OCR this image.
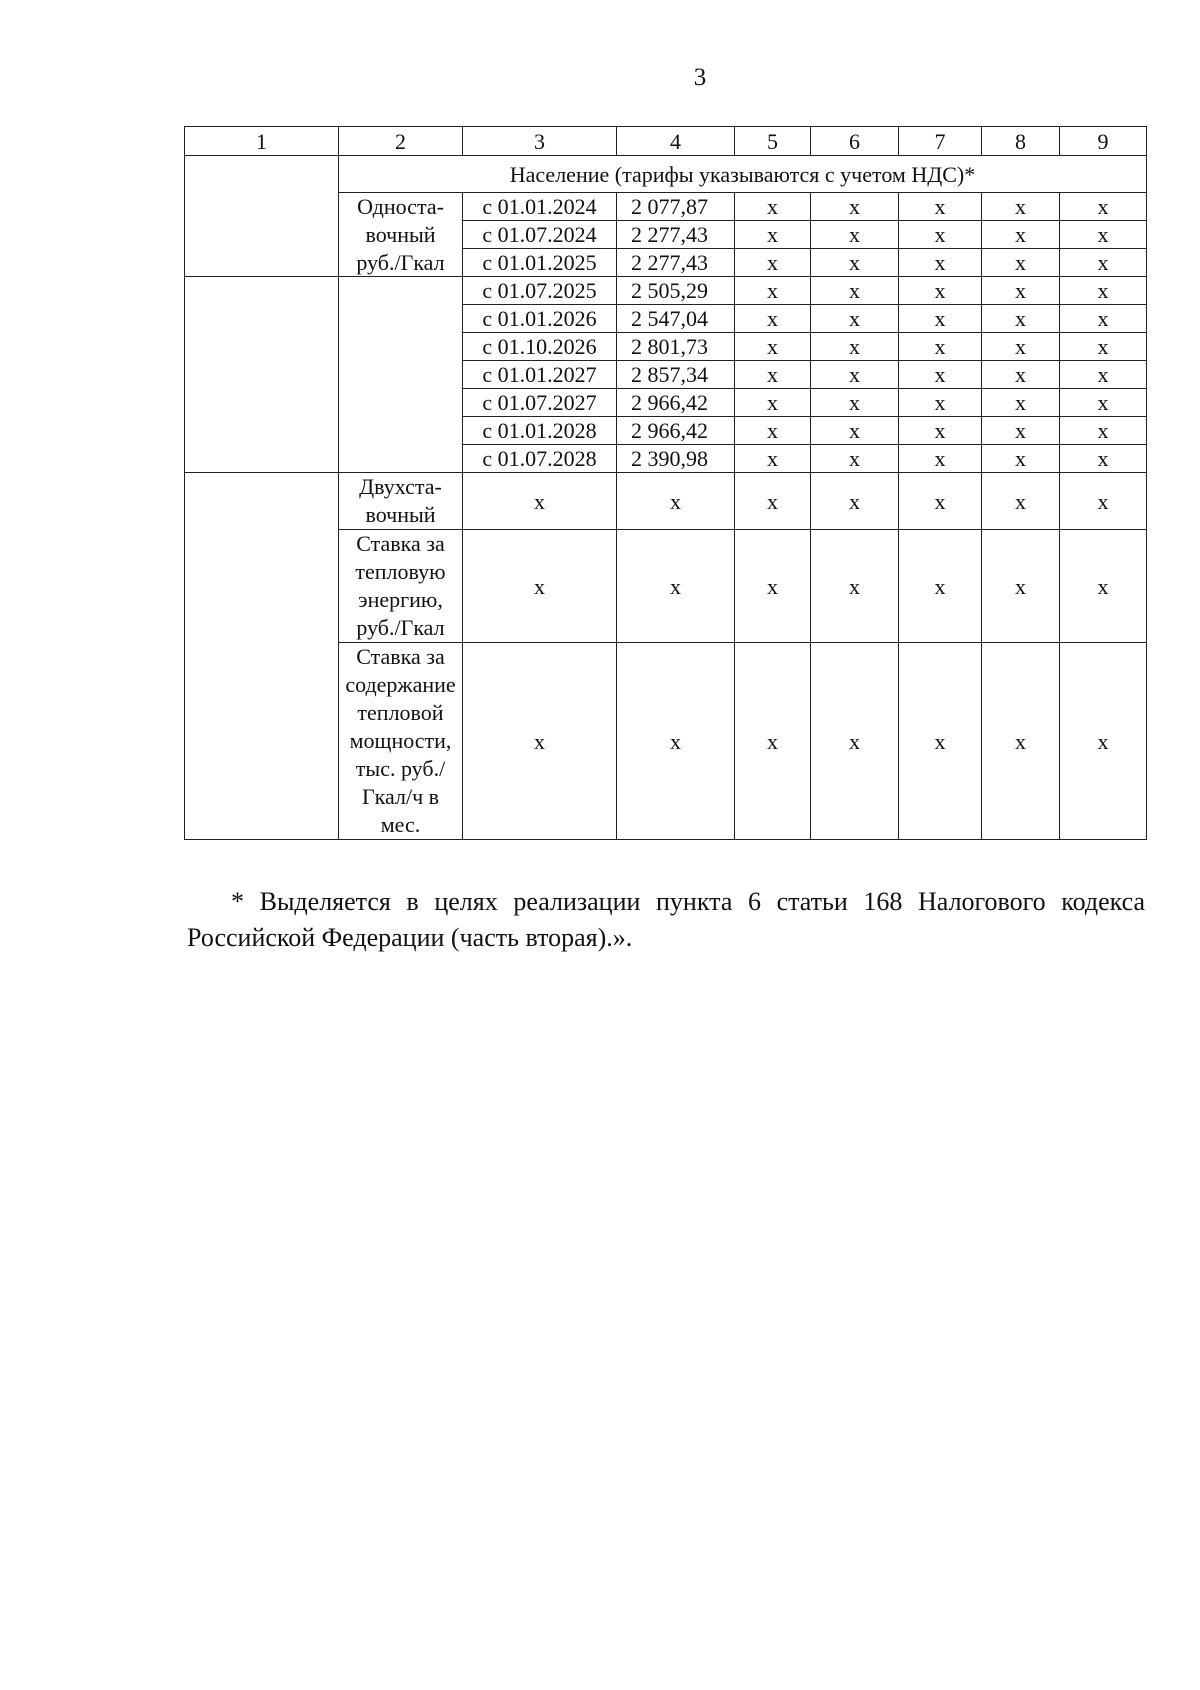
3
1	2	3	4	5	6	7	8	9
	Население (тарифы указываются с учетом НДС)*							
	Односта-	с 01.01.2024	2 077,87	x	x	x	x	x
	вочный	с 01.07.2024	2 277,43	x	x	x	x	x
	руб./Гкал	с 01.01.2025	2 277,43	x	x	x	x	x
		с 01.07.2025	2 505,29	x	x	x	x	x
		с 01.01.2026	2 547,04	x	x	x	x	x
		с 01.10.2026	2 801,73	x	x	x	x	x
		с 01.01.2027	2 857,34	x	x	x	x	x
		с 01.07.2027	2 966,42	x	x	x	x	x
		с 01.01.2028	2 966,42	x	x	x	x	x
		с 01.07.2028	2 390,98	x	x	x	x	x
	Двухста-вочный	x	x	x	x	x	x	x
	Ставка за тепловую энергию, руб./Гкал	x	x	x	x	x	x	x
	Ставка за содержание тепловой мощности, тыс. руб./ Гкал/ч в мес.	x	x	x	x	x	x	x
* Выделяется в целях реализации пункта 6 статьи 168 Налогового кодекса Российской Федерации (часть вторая).».
